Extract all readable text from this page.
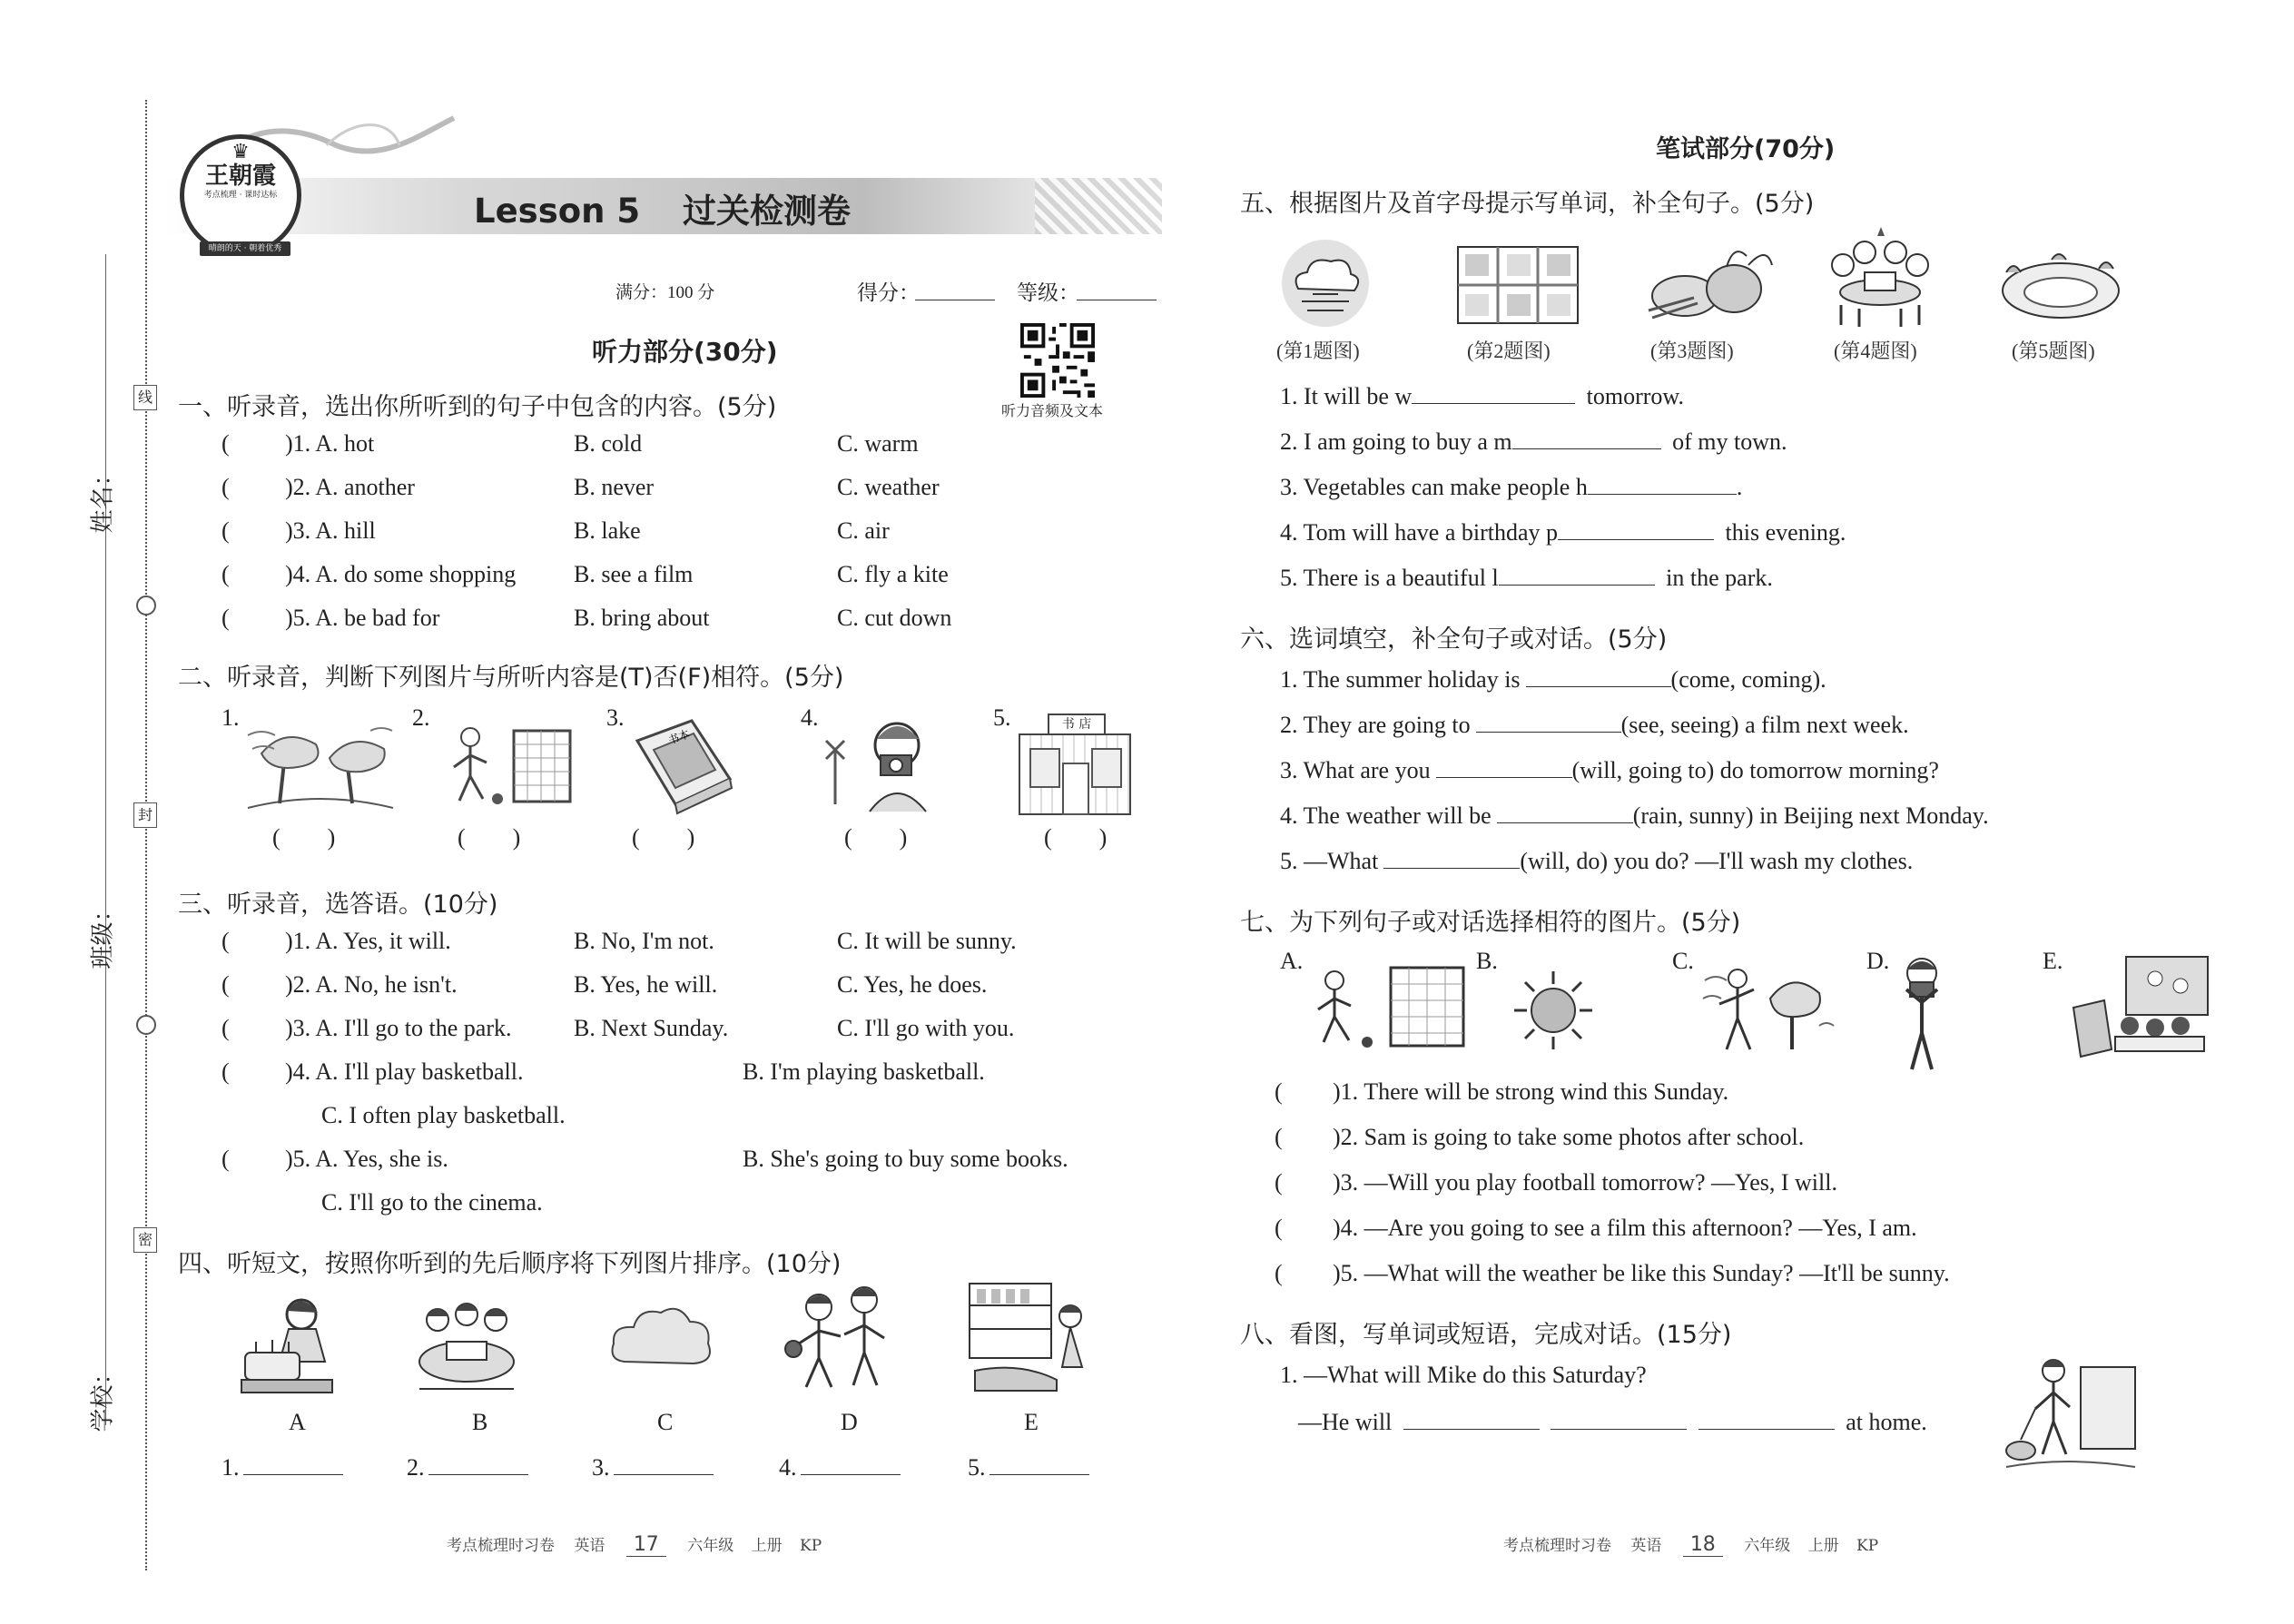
线
封
密
姓名：
班级：
学校：
♛
王朝霞
考点梳理 · 课时达标
晴朗的天 · 朝着优秀
Lesson 5 过关检测卷
满分：100 分	得分：	等级：
听力音频及文本
听力部分(30分)
一、听录音，选出你所听到的句子中包含的内容。(5分)
( )1. A. hot	B. cold	C. warm
( )2. A. another	B. never	C. weather
( )3. A. hill	B. lake	C. air
( )4. A. do some shopping B. see a film	C. fly a kite
( )5. A. be bad for	B. bring about	C. cut down
二、听录音，判断下列图片与所听内容是(T)否(F)相符。(5分)
1.	2.	3.	4.	5.
书本
书 店
(  )	(  )	(  )	(  )	(  )
三、听录音，选答语。(10分)
( )1. A. Yes, it will.	B. No, I'm not.	C. It will be sunny.
( )2. A. No, he isn't.	B. Yes, he will.	C. Yes, he does.
( )3. A. I'll go to the park.	B. Next Sunday.	C. I'll go with you.
( )4. A. I'll play basketball.	B. I'm playing basketball.
C. I often play basketball.
( )5. A. Yes, she is.	B. She's going to buy some books.
C. I'll go to the cinema.
四、听短文，按照你听到的先后顺序将下列图片排序。(10分)
A	B	C	D	E
1.	2.	3.	4.	5.
考点梳理时习卷 英语 17 六年级 上册 KP
笔试部分(70分)
五、根据图片及首字母提示写单词，补全句子。(5分)
(第1题图)	(第2题图)	(第3题图)	(第4题图)	(第5题图)
1. It will be w	tomorrow.
2. I am going to buy a m	of my town.
3. Vegetables can make people h	.
4. Tom will have a birthday p	this evening.
5. There is a beautiful l	in the park.
六、选词填空，补全句子或对话。(5分)
1. The summer holiday is	(come, coming).
2. They are going to	(see, seeing) a film next week.
3. What are you	(will, going to) do tomorrow morning?
4. The weather will be	(rain, sunny) in Beijing next Monday.
5. —What	(will, do) you do? —I'll wash my clothes.
七、为下列句子或对话选择相符的图片。(5分)
A.	B.	C.	D.	E.
( )1. There will be strong wind this Sunday.
( )2. Sam is going to take some photos after school.
( )3. —Will you play football tomorrow? —Yes, I will.
( )4. —Are you going to see a film this afternoon? —Yes, I am.
( )5. —What will the weather be like this Sunday? —It'll be sunny.
八、看图，写单词或短语，完成对话。(15分)
1. —What will Mike do this Saturday?
—He will	at home.
考点梳理时习卷 英语 18 六年级 上册 KP
